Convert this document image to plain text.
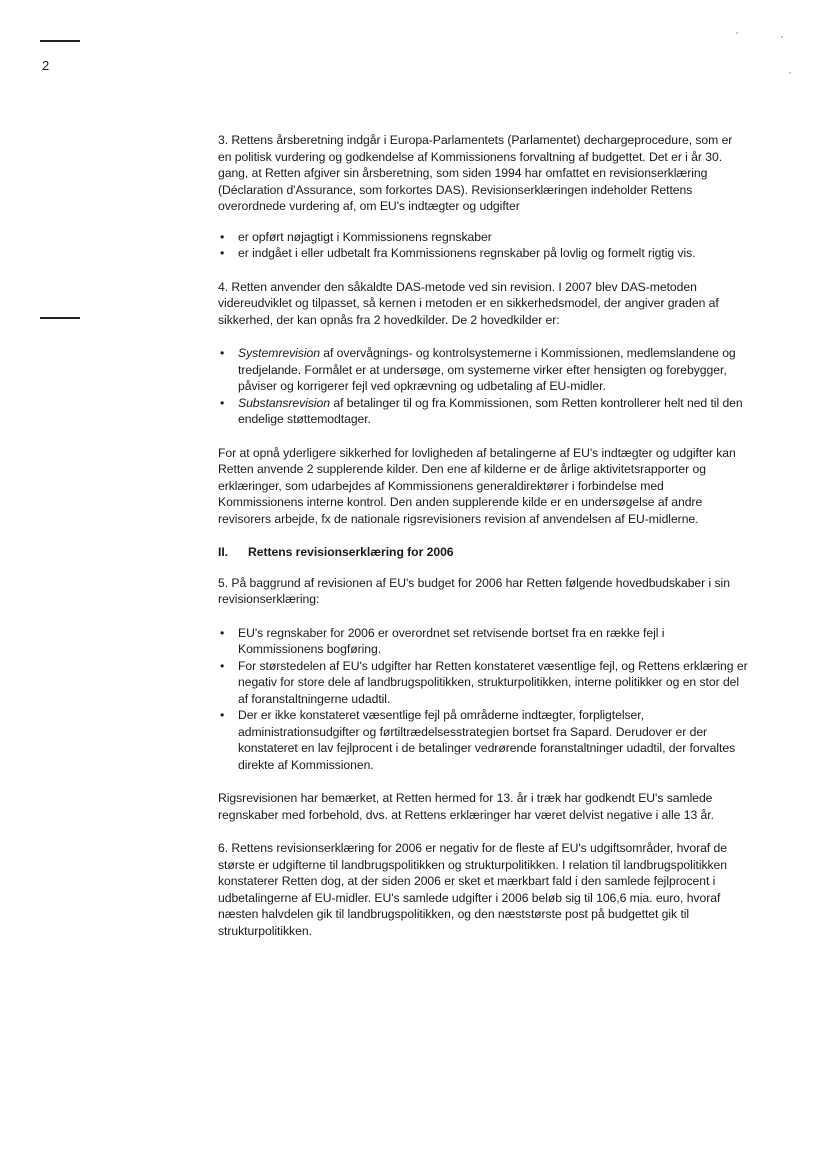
2

3. Rettens årsberetning indgår i Europa-Parlamentets (Parlamentet) dechargeprocedure, som er en politisk vurdering og godkendelse af Kommissionens forvaltning af budgettet. Det er i år 30. gang, at Retten afgiver sin årsberetning, som siden 1994 har omfattet en revisionserklæring (Déclaration d'Assurance, som forkortes DAS). Revisionserklæringen indeholder Rettens overordnede vurdering af, om EU's indtægter og udgifter

• er opført nøjagtigt i Kommissionens regnskaber
• er indgået i eller udbetalt fra Kommissionens regnskaber på lovlig og formelt rigtig vis.

4. Retten anvender den såkaldte DAS-metode ved sin revision. I 2007 blev DAS-metoden videreudviklet og tilpasset, så kernen i metoden er en sikkerhedsmodel, der angiver graden af sikkerhed, der kan opnås fra 2 hovedkilder. De 2 hovedkilder er:

• Systemrevision af overvågnings- og kontrolsystemerne i Kommissionen, medlemslandene og tredjelande. Formålet er at undersøge, om systemerne virker efter hensigten og forebygger, påviser og korrigerer fejl ved opkrævning og udbetaling af EU-midler.
• Substansrevision af betalinger til og fra Kommissionen, som Retten kontrollerer helt ned til den endelige støttemodtager.

For at opnå yderligere sikkerhed for lovligheden af betalingerne af EU's indtægter og udgifter kan Retten anvende 2 supplerende kilder. Den ene af kilderne er de årlige aktivitetsrapporter og erklæringer, som udarbejdes af Kommissionens generaldirektører i forbindelse med Kommissionens interne kontrol. Den anden supplerende kilde er en undersøgelse af andre revisorers arbejde, fx de nationale rigsrevisioners revision af anvendelsen af EU-midlerne.

II.	Rettens revisionserklæring for 2006

5. På baggrund af revisionen af EU's budget for 2006 har Retten følgende hovedbudskaber i sin revisionserklæring:

• EU's regnskaber for 2006 er overordnet set retvisende bortset fra en række fejl i Kommissionens bogføring.
• For størstedelen af EU's udgifter har Retten konstateret væsentlige fejl, og Rettens erklæring er negativ for store dele af landbrugspolitikken, strukturpolitikken, interne politikker og en stor del af foranstaltningerne udadtil.
• Der er ikke konstateret væsentlige fejl på områderne indtægter, forpligtelser, administrationsudgifter og førtiltrædelsesstrategien bortset fra Sapard. Derudover er der konstateret en lav fejlprocent i de betalinger vedrørende foranstaltninger udadtil, der forvaltes direkte af Kommissionen.

Rigsrevisionen har bemærket, at Retten hermed for 13. år i træk har godkendt EU's samlede regnskaber med forbehold, dvs. at Rettens erklæringer har været delvist negative i alle 13 år.

6. Rettens revisionserklæring for 2006 er negativ for de fleste af EU's udgiftsområder, hvoraf de største er udgifterne til landbrugspolitikken og strukturpolitikken. I relation til landbrugspolitikken konstaterer Retten dog, at der siden 2006 er sket et mærkbart fald i den samlede fejlprocent i udbetalingerne af EU-midler. EU's samlede udgifter i 2006 beløb sig til 106,6 mia. euro, hvoraf næsten halvdelen gik til landbrugspolitikken, og den næststørste post på budgettet gik til strukturpolitikken.
